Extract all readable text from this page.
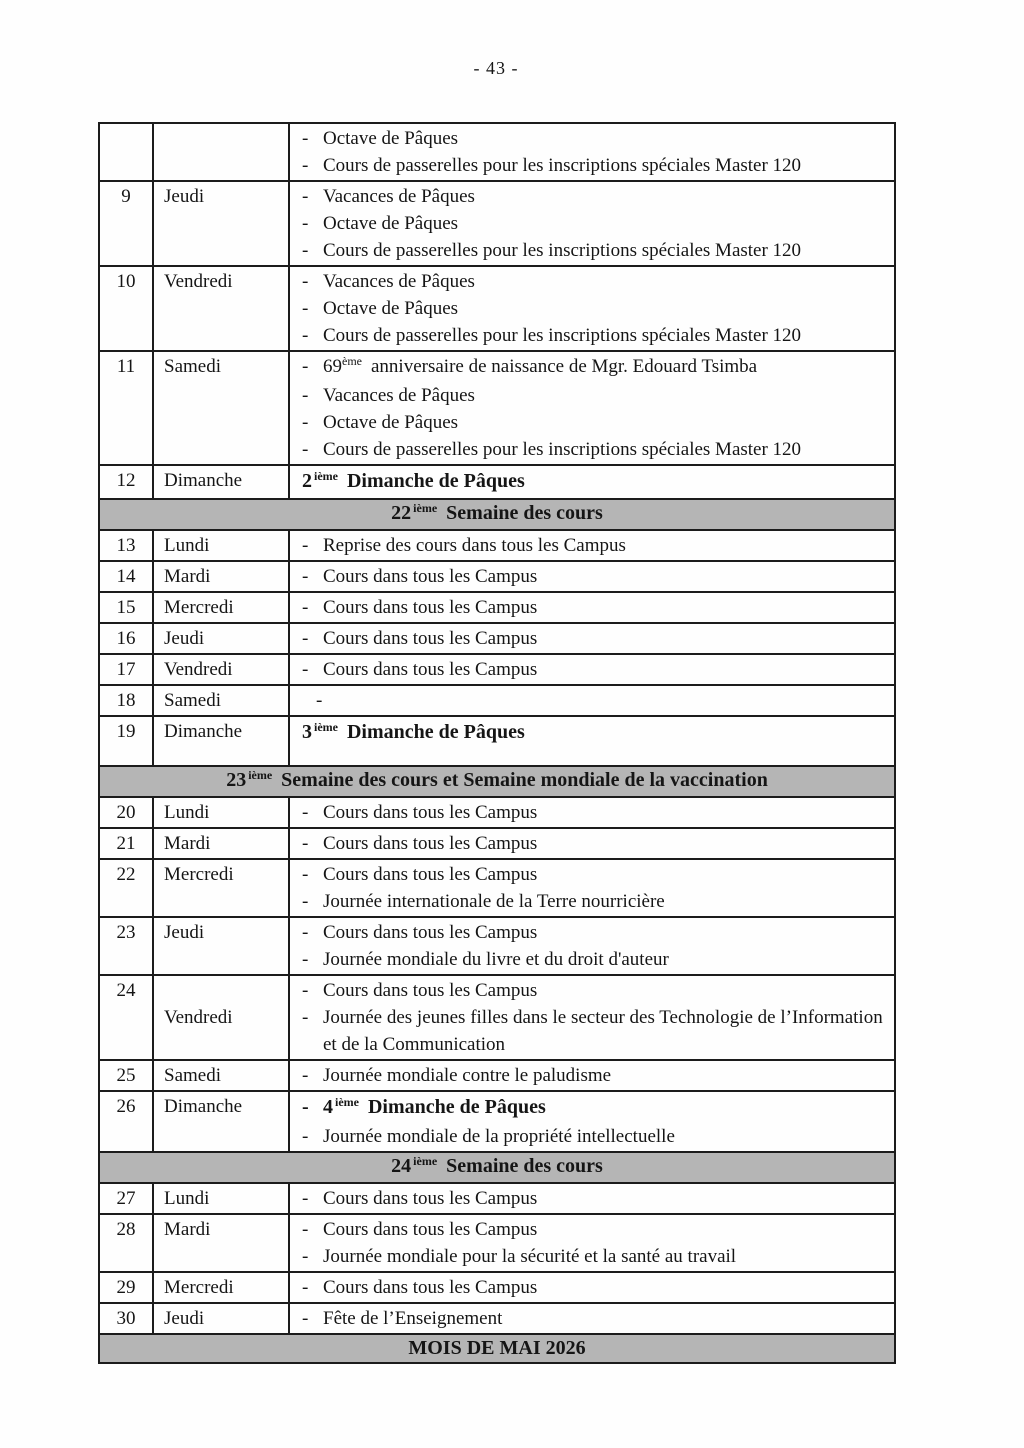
- 43 -

		- Octave de Pâques
- Cours de passerelles pour les inscriptions spéciales Master 120

9	Jeudi	- Vacances de Pâques
- Octave de Pâques
- Cours de passerelles pour les inscriptions spéciales Master 120

10	Vendredi	- Vacances de Pâques
- Octave de Pâques
- Cours de passerelles pour les inscriptions spéciales Master 120

11	Samedi	- 69ème anniversaire de naissance de Mgr. Edouard Tsimba
- Vacances de Pâques
- Octave de Pâques
- Cours de passerelles pour les inscriptions spéciales Master 120

12	Dimanche	2 $^{ième}$ Dimanche de Pâques

22 $^{ième}$ Semaine des cours		
13	Lundi	- Reprise des cours dans tous les Campus

14	Mardi	- Cours dans tous les Campus

15	Mercredi	- Cours dans tous les Campus

16	Jeudi	- Cours dans tous les Campus

17	Vendredi	- Cours dans tous les Campus

18	Samedi	-

19	Dimanche	3 $^{ième}$ Dimanche de Pâques

23 $^{ième}$ Semaine des cours et Semaine mondiale de la vaccination		
20	Lundi	- Cours dans tous les Campus

21	Mardi	- Cours dans tous les Campus

22	Mercredi	- Cours dans tous les Campus
- Journée internationale de la Terre nourricière

23	Jeudi	- Cours dans tous les Campus
- Journée mondiale du livre et du droit d'auteur

24	Vendredi	- Cours dans tous les Campus
- Journée des jeunes filles dans le secteur des Technologie de l’Information et de la Communication

25	Samedi	- Journée mondiale contre le paludisme

26	Dimanche	- 4 $^{ième}$ Dimanche de Pâques
- Journée mondiale de la propriété intellectuelle

24 $^{ième}$ Semaine des cours		
27	Lundi	- Cours dans tous les Campus

28	Mardi	- Cours dans tous les Campus
- Journée mondiale pour la sécurité et la santé au travail

29	Mercredi	- Cours dans tous les Campus

30	Jeudi	- Fête de l’Enseignement

MOIS DE MAI 2026		
